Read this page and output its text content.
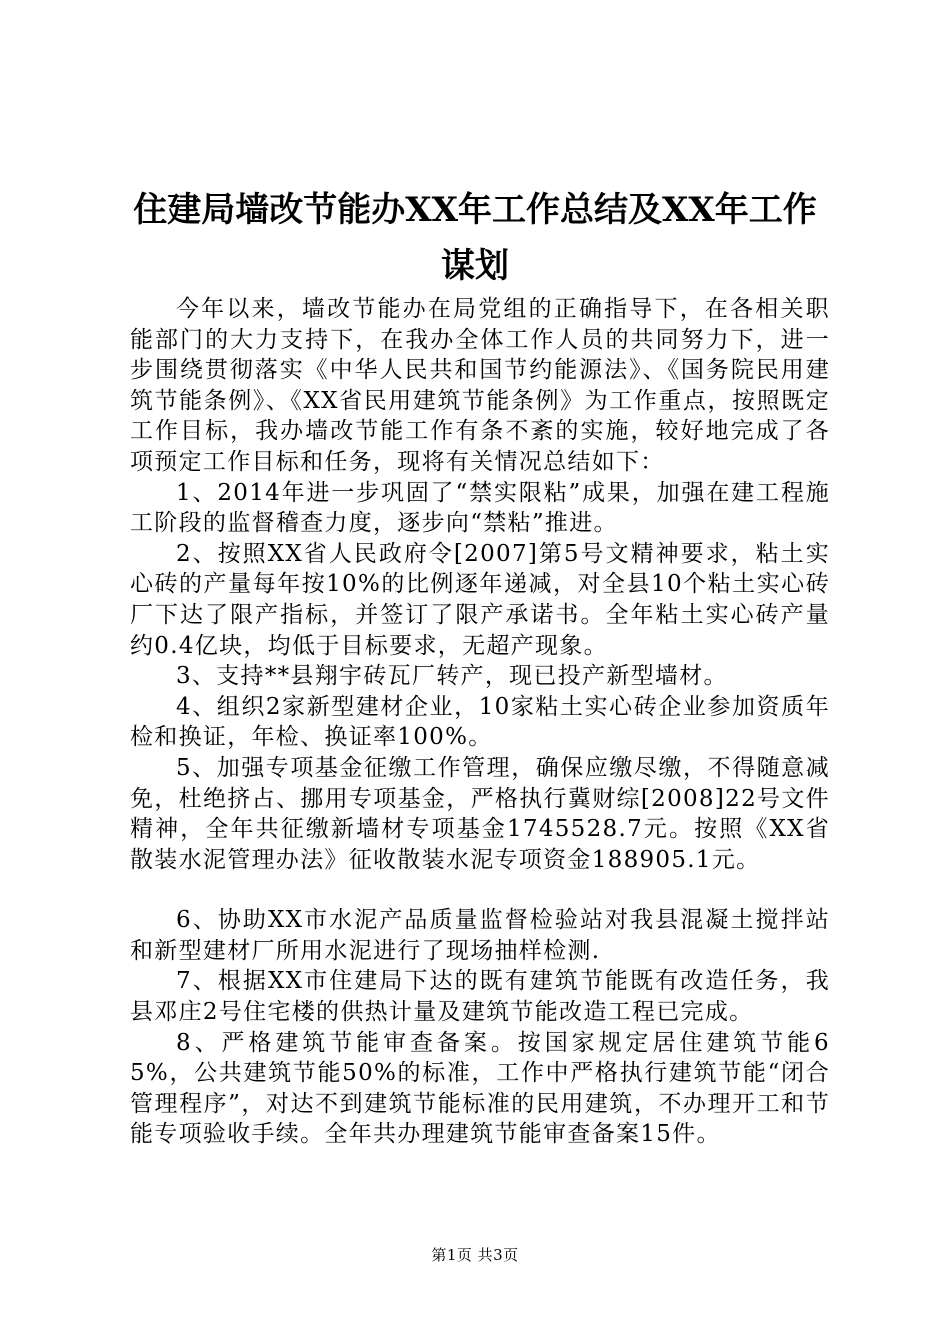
住建局墙改节能办XX年工作总结及XX年工作
谋划

今年以来，墙改节能办在局党组的正确指导下，在各相关职能部门的大力支持下，在我办全体工作人员的共同努力下，进一步围绕贯彻落实《中华人民共和国节约能源法》、《国务院民用建筑节能条例》、《XX省民用建筑节能条例》为工作重点，按照既定工作目标，我办墙改节能工作有条不紊的实施，较好地完成了各项预定工作目标和任务，现将有关情况总结如下：

1、2014年进一步巩固了“禁实限粘”成果，加强在建工程施工阶段的监督稽查力度，逐步向“禁粘”推进。

2、按照XX省人民政府令[2007]第5号文精神要求，粘土实心砖的产量每年按10%的比例逐年递减，对全县10个粘土实心砖厂下达了限产指标，并签订了限产承诺书。全年粘土实心砖产量约0.4亿块，均低于目标要求，无超产现象。

3、支持**县翔宇砖瓦厂转产，现已投产新型墙材。

4、组织2家新型建材企业，10家粘土实心砖企业参加资质年检和换证，年检、换证率100%。

5、加强专项基金征缴工作管理，确保应缴尽缴，不得随意减免，杜绝挤占、挪用专项基金，严格执行冀财综[2008]22号文件精神，全年共征缴新墙材专项基金1745528.7元。按照《XX省散装水泥管理办法》征收散装水泥专项资金188905.1元。

6、协助XX市水泥产品质量监督检验站对我县混凝土搅拌站和新型建材厂所用水泥进行了现场抽样检测.

7、根据XX市住建局下达的既有建筑节能既有改造任务，我县邓庄2号住宅楼的供热计量及建筑节能改造工程已完成。

8、严格建筑节能审查备案。按国家规定居住建筑节能65%，公共建筑节能50%的标准，工作中严格执行建筑节能“闭合管理程序”，对达不到建筑节能标准的民用建筑，不办理开工和节能专项验收手续。全年共办理建筑节能审查备案15件。

第1页 共3页
